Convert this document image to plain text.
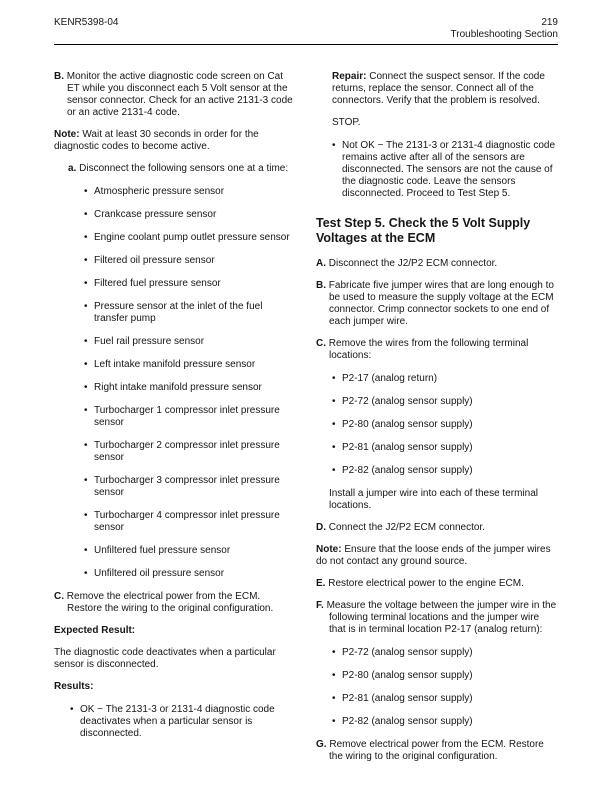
KENR5398-04	219
Troubleshooting Section
B. Monitor the active diagnostic code screen on Cat ET while you disconnect each 5 Volt sensor at the sensor connector. Check for an active 2131-3 code or an active 2131-4 code.
Note: Wait at least 30 seconds in order for the diagnostic codes to become active.
a. Disconnect the following sensors one at a time:
• Atmospheric pressure sensor
• Crankcase pressure sensor
• Engine coolant pump outlet pressure sensor
• Filtered oil pressure sensor
• Filtered fuel pressure sensor
• Pressure sensor at the inlet of the fuel transfer pump
• Fuel rail pressure sensor
• Left intake manifold pressure sensor
• Right intake manifold pressure sensor
• Turbocharger 1 compressor inlet pressure sensor
• Turbocharger 2 compressor inlet pressure sensor
• Turbocharger 3 compressor inlet pressure sensor
• Turbocharger 4 compressor inlet pressure sensor
• Unfiltered fuel pressure sensor
• Unfiltered oil pressure sensor
C. Remove the electrical power from the ECM. Restore the wiring to the original configuration.
Expected Result:
The diagnostic code deactivates when a particular sensor is disconnected.
Results:
• OK − The 2131-3 or 2131-4 diagnostic code deactivates when a particular sensor is disconnected.
Repair: Connect the suspect sensor. If the code returns, replace the sensor. Connect all of the connectors. Verify that the problem is resolved.
STOP.
• Not OK − The 2131-3 or 2131-4 diagnostic code remains active after all of the sensors are disconnected. The sensors are not the cause of the diagnostic code. Leave the sensors disconnected. Proceed to Test Step 5.
Test Step 5. Check the 5 Volt Supply Voltages at the ECM
A. Disconnect the J2/P2 ECM connector.
B. Fabricate five jumper wires that are long enough to be used to measure the supply voltage at the ECM connector. Crimp connector sockets to one end of each jumper wire.
C. Remove the wires from the following terminal locations:
• P2-17 (analog return)
• P2-72 (analog sensor supply)
• P2-80 (analog sensor supply)
• P2-81 (analog sensor supply)
• P2-82 (analog sensor supply)
Install a jumper wire into each of these terminal locations.
D. Connect the J2/P2 ECM connector.
Note: Ensure that the loose ends of the jumper wires do not contact any ground source.
E. Restore electrical power to the engine ECM.
F. Measure the voltage between the jumper wire in the following terminal locations and the jumper wire that is in terminal location P2-17 (analog return):
• P2-72 (analog sensor supply)
• P2-80 (analog sensor supply)
• P2-81 (analog sensor supply)
• P2-82 (analog sensor supply)
G. Remove electrical power from the ECM. Restore the wiring to the original configuration.
